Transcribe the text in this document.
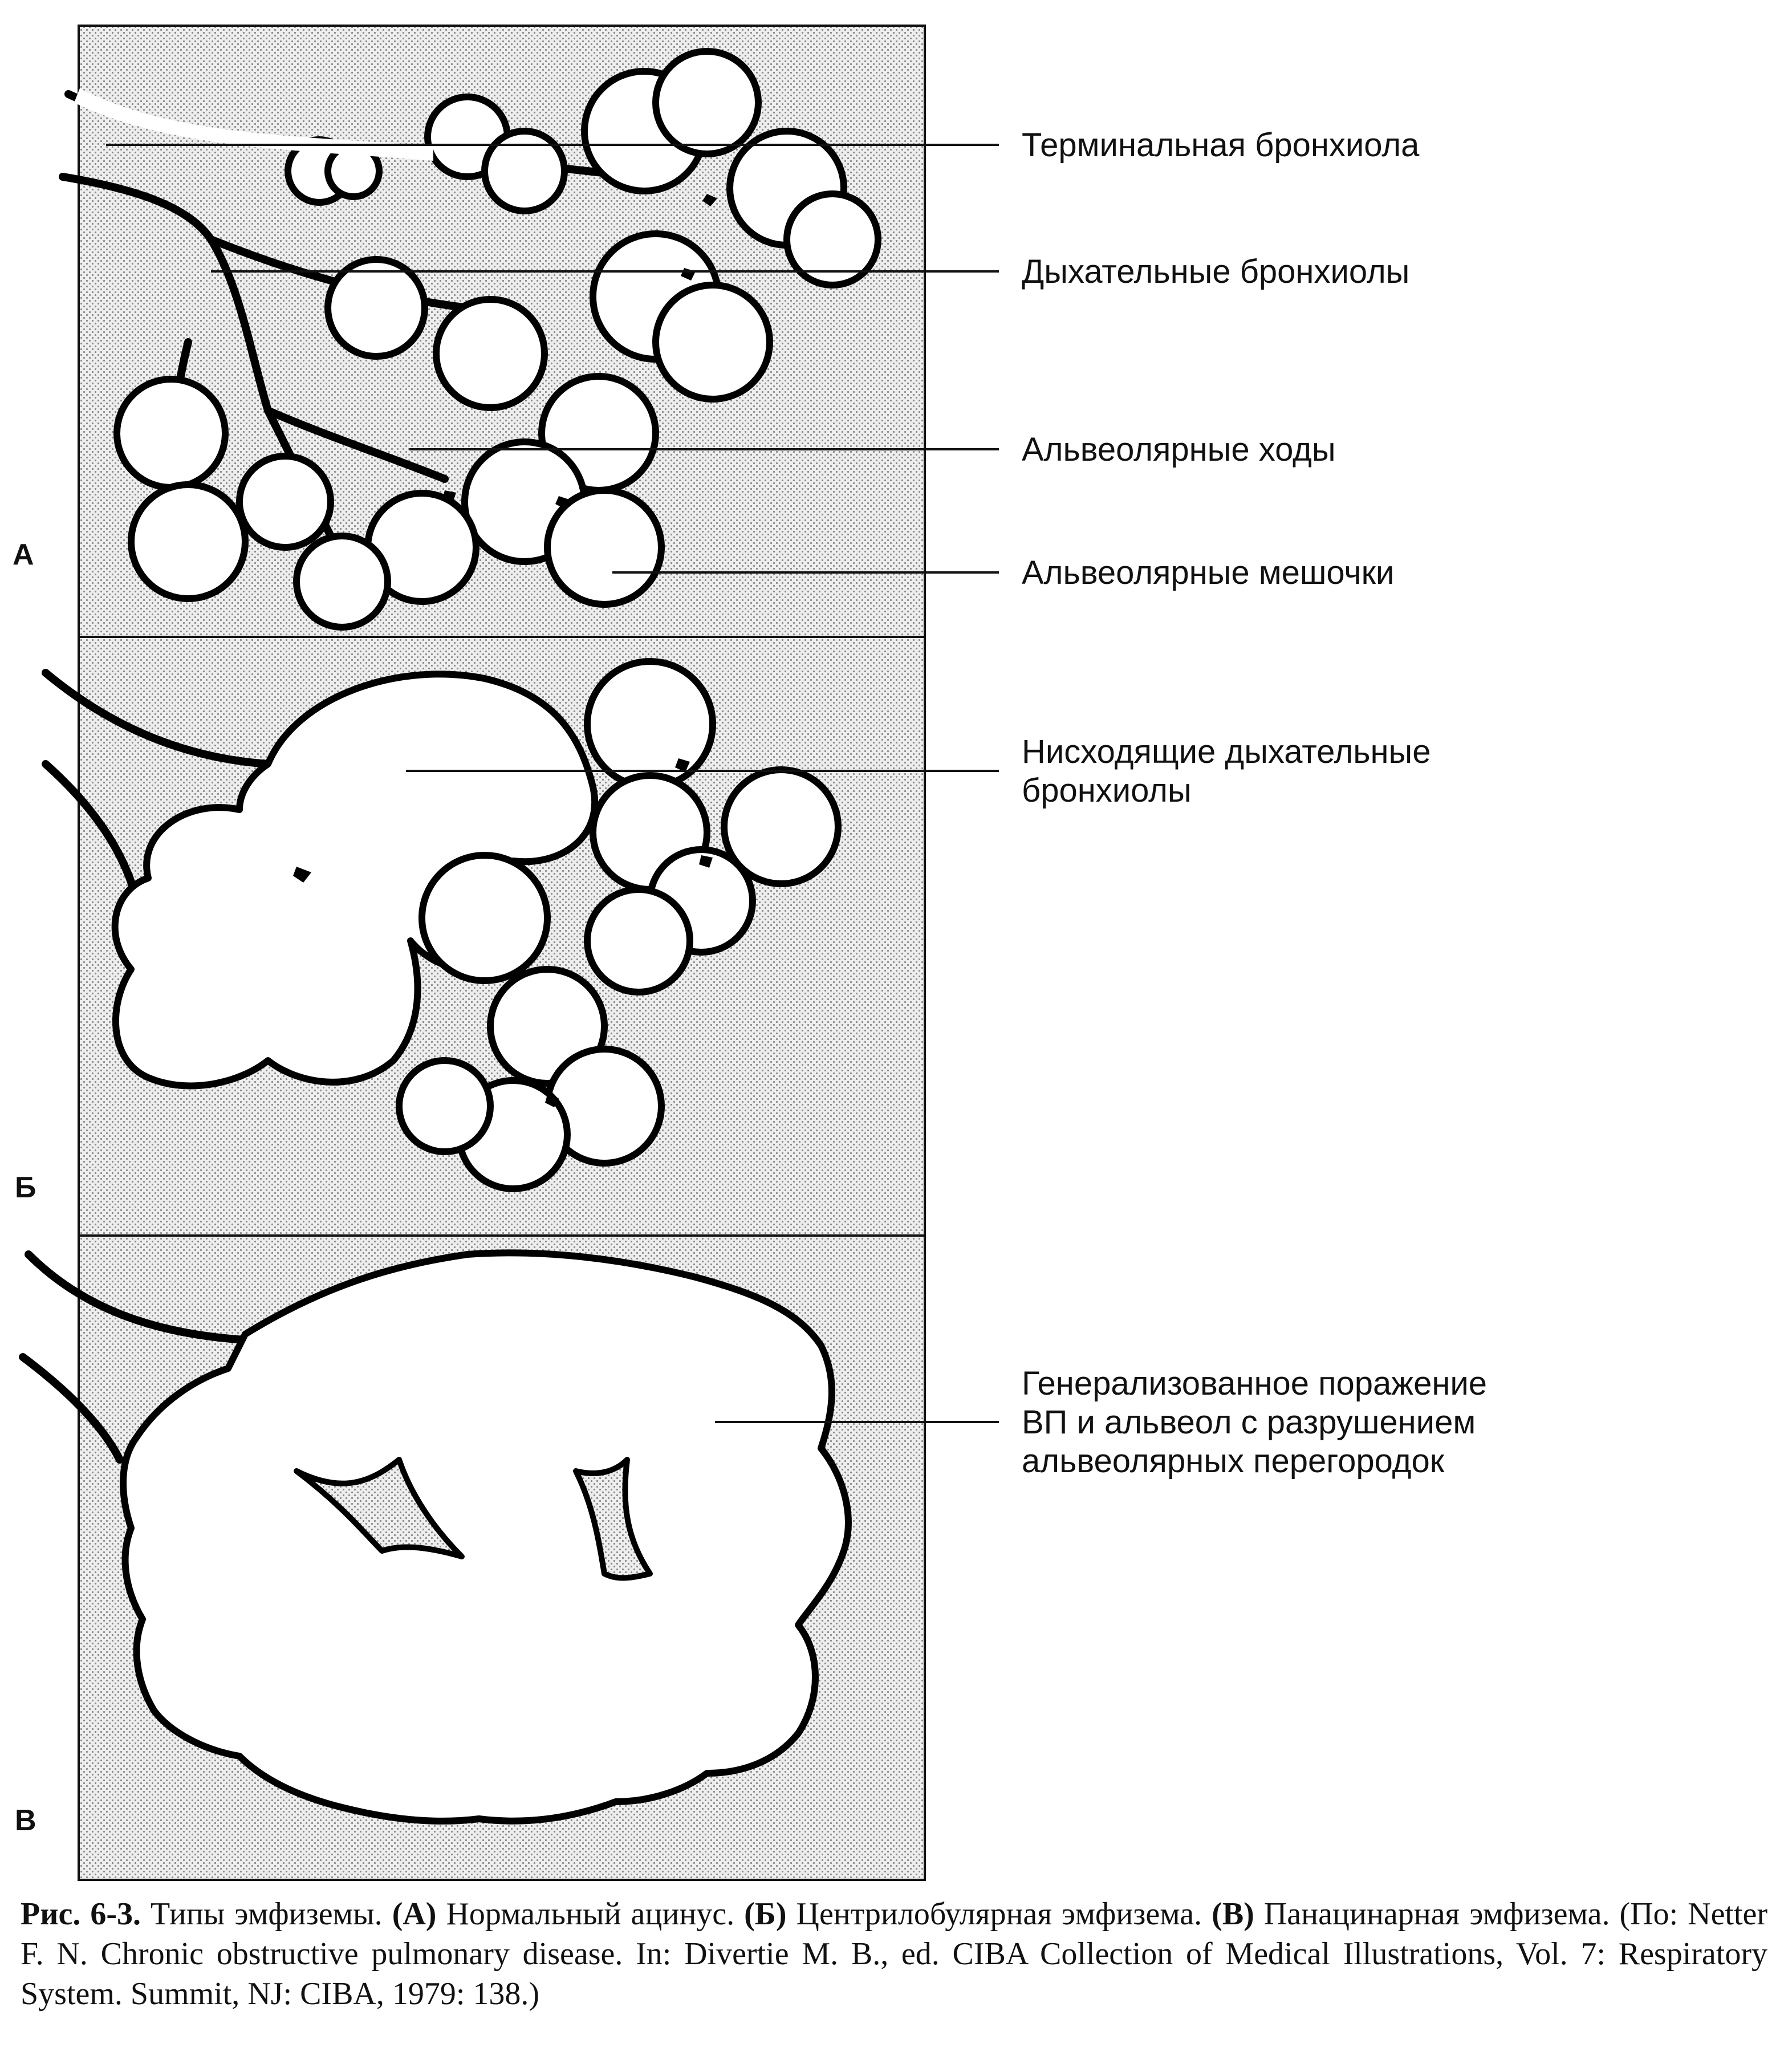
Терминальная бронхиола
Дыхательные бронхиолы
Альвеолярные ходы
Альвеолярные мешочки
А
Нисходящие дыхательные
бронхиолы
Б
Генерализованное поражение
ВП и альвеол с разрушением
альвеолярных перегородок
В
Рис. 6-3. Типы эмфиземы. (А) Нормальный ацинус. (Б) Центрилобулярная эмфизема. (В) Панацинарная эмфизема. (По: Netter F. N. Chronic obstructive pulmonary disease. In: Divertie M. B., ed. CIBA Collection of Medical Illustrations, Vol. 7: Respiratory System. Summit, NJ: CIBA, 1979: 138.)
